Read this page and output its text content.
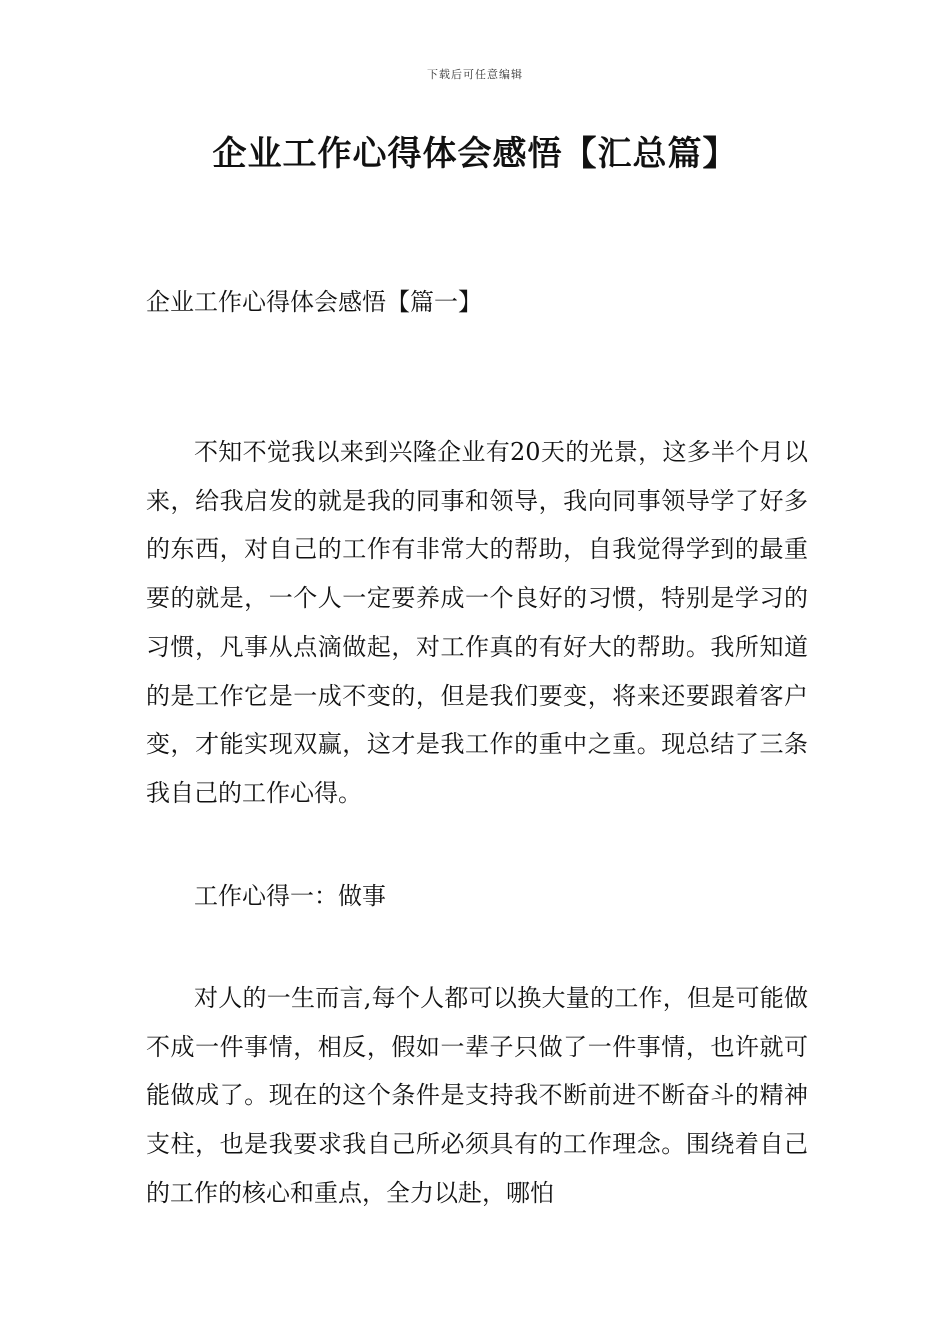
下载后可任意编辑
企业工作心得体会感悟【汇总篇】
企业工作心得体会感悟【篇一】

不知不觉我以来到兴隆企业有20天的光景，这多半个月以来，给我启发的就是我的同事和领导，我向同事领导学了好多的东西，对自己的工作有非常大的帮助，自我觉得学到的最重要的就是，一个人一定要养成一个良好的习惯，特别是学习的习惯，凡事从点滴做起，对工作真的有好大的帮助。我所知道的是工作它是一成不变的，但是我们要变，将来还要跟着客户变，才能实现双赢，这才是我工作的重中之重。现总结了三条我自己的工作心得。

工作心得一：做事

对人的一生而言,每个人都可以换大量的工作，但是可能做不成一件事情，相反，假如一辈子只做了一件事情，也许就可能做成了。现在的这个条件是支持我不断前进不断奋斗的精神支柱，也是我要求我自己所必须具有的工作理念。围绕着自己的工作的核心和重点，全力以赴，哪怕
